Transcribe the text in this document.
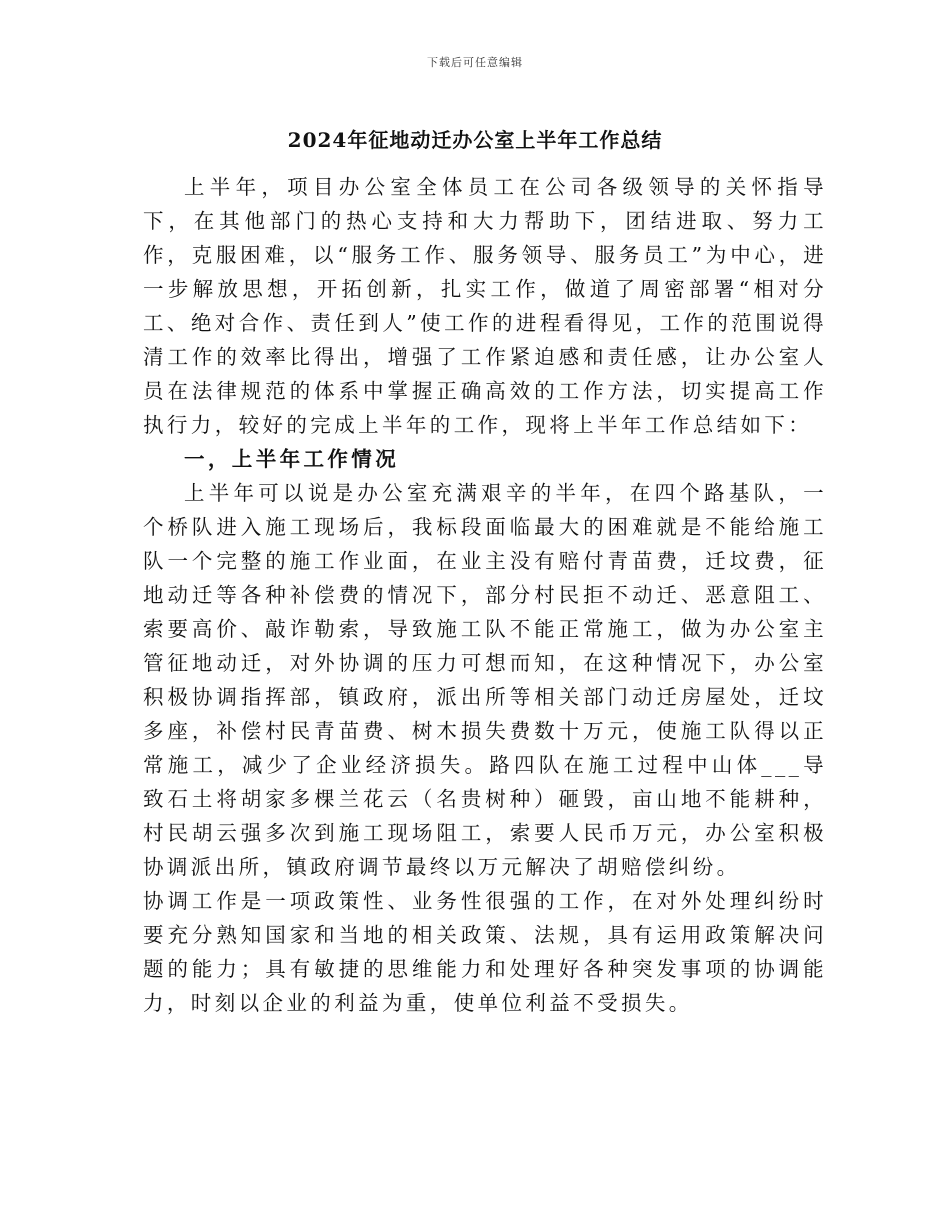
下载后可任意编辑
2024年征地动迁办公室上半年工作总结

上半年，项目办公室全体员工在公司各级领导的关怀指导下，在其他部门的热心支持和大力帮助下，团结进取、努力工作，克服困难，以“服务工作、服务领导、服务员工”为中心，进一步解放思想，开拓创新，扎实工作，做道了周密部署“相对分工、绝对合作、责任到人”使工作的进程看得见，工作的范围说得清工作的效率比得出，增强了工作紧迫感和责任感，让办公室人员在法律规范的体系中掌握正确高效的工作方法，切实提高工作执行力，较好的完成上半年的工作，现将上半年工作总结如下：

一，上半年工作情况

上半年可以说是办公室充满艰辛的半年，在四个路基队，一个桥队进入施工现场后，我标段面临最大的困难就是不能给施工队一个完整的施工作业面，在业主没有赔付青苗费，迁坟费，征地动迁等各种补偿费的情况下，部分村民拒不动迁、恶意阻工、索要高价、敲诈勒索，导致施工队不能正常施工，做为办公室主管征地动迁，对外协调的压力可想而知，在这种情况下，办公室积极协调指挥部，镇政府，派出所等相关部门动迁房屋处，迁坟多座，补偿村民青苗费、树木损失费数十万元，使施工队得以正常施工，减少了企业经济损失。路四队在施工过程中山体___导致石土将胡家多棵兰花云（名贵树种）砸毁，亩山地不能耕种，村民胡云强多次到施工现场阻工，索要人民币万元，办公室积极协调派出所，镇政府调节最终以万元解决了胡赔偿纠纷。

协调工作是一项政策性、业务性很强的工作，在对外处理纠纷时要充分熟知国家和当地的相关政策、法规，具有运用政策解决问题的能力；具有敏捷的思维能力和处理好各种突发事项的协调能力，时刻以企业的利益为重，使单位利益不受损失。
